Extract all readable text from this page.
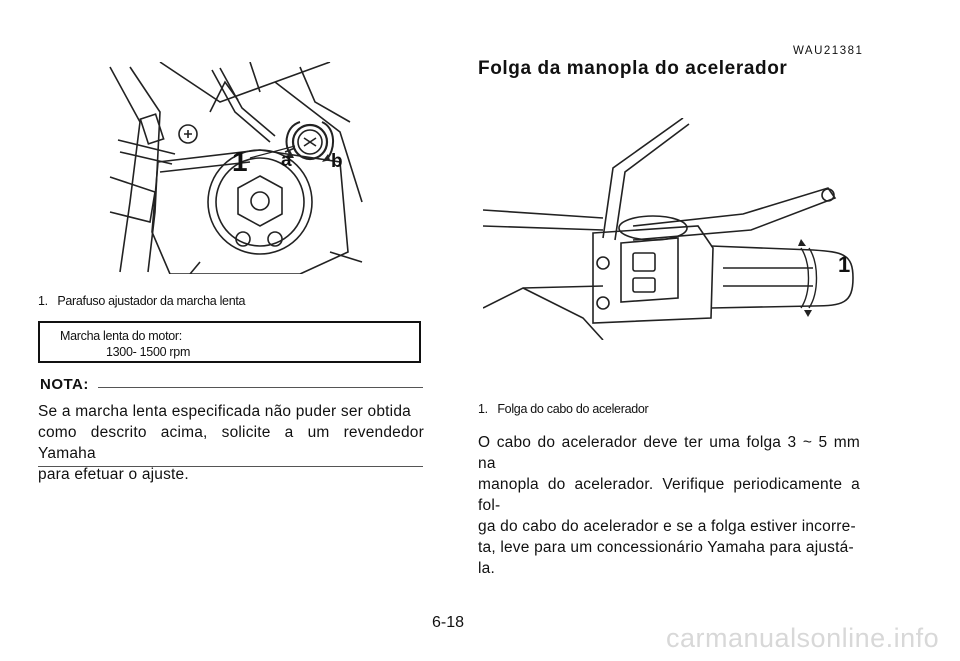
1 a b
1.   Parafuso ajustador da marcha lenta
Marcha lenta do motor:
1300- 1500 rpm
NOTA:
Se a marcha lenta especificada não puder ser obtida
como descrito acima, solicite a um revendedor Yamaha
para efetuar o ajuste.
WAU21381
Folga da manopla do acelerador
1
1.   Folga do cabo do acelerador
O cabo do acelerador deve ter uma folga 3 ~ 5 mm na
manopla do acelerador. Verifique periodicamente a fol-
ga do cabo do acelerador e se a folga estiver incorre-
ta, leve para um concessionário Yamaha para ajustá-
la.
6-18
carmanualsonline.info
